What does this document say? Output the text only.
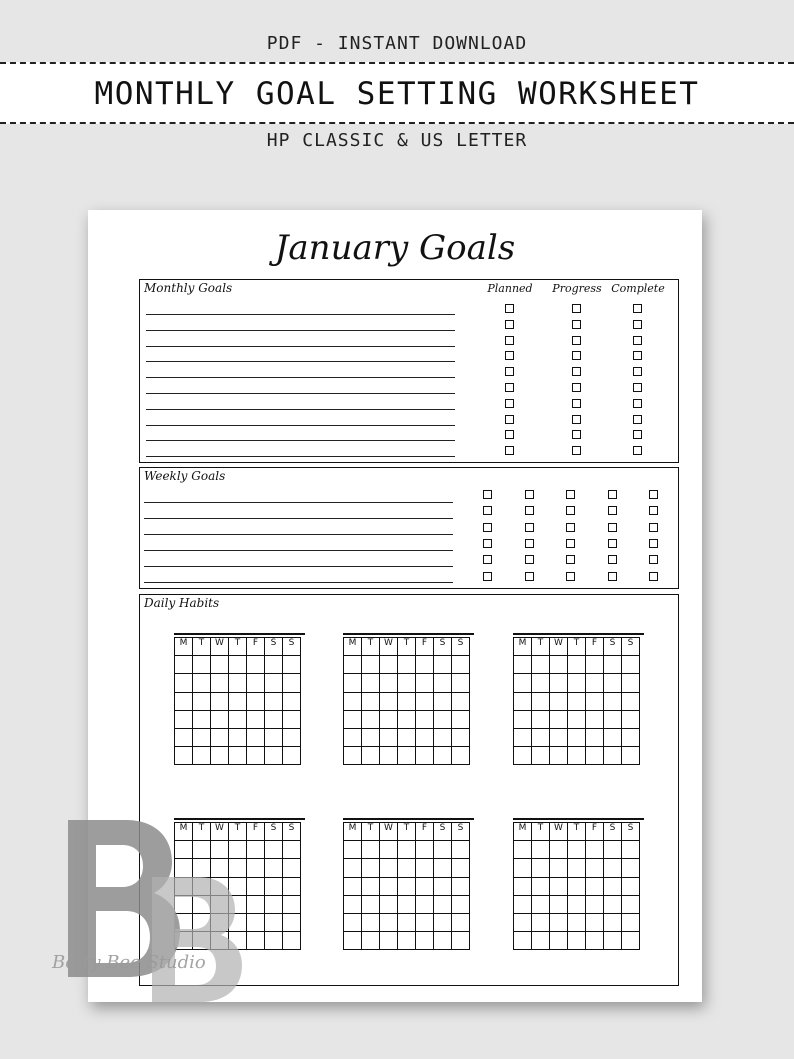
PDF - INSTANT DOWNLOAD
MONTHLY GOAL SETTING WORKSHEET
HP CLASSIC & US LETTER
January Goals
Monthly Goals	Planned	Progress Complete
Weekly Goals
Daily Habits
M	T	W	T	F	S	S

							M	T	W	T	F	S	S

							M	T	W	T	F	S	S

M	T	W	T	F	S	S

							M	T	W	T	F	S	S

							M	T	W	T	F	S	S

Betty Bee Studio
